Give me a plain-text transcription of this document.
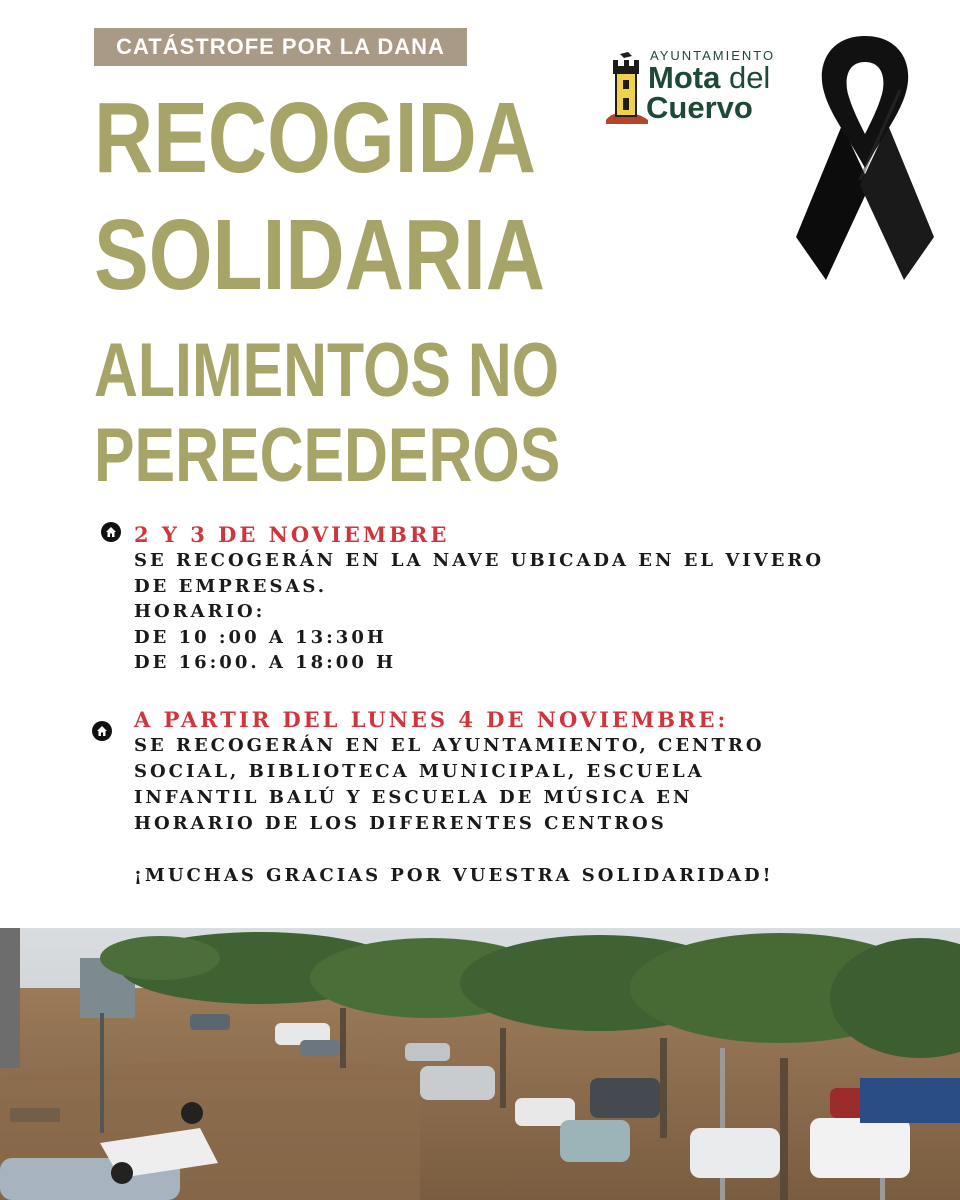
CATÁSTROFE POR LA DANA
RECOGIDA
SOLIDARIA
ALIMENTOS NO
PERECEDEROS
AYUNTAMIENTO
Mota del
Cuervo
2 Y 3 DE NOVIEMBRE
SE RECOGERÁN EN LA NAVE UBICADA EN EL VIVERO
DE EMPRESAS.
HORARIO:
DE 10 :00 A 13:30H
DE 16:00. A 18:00 H
A PARTIR DEL LUNES 4 DE NOVIEMBRE:
SE RECOGERÁN EN EL AYUNTAMIENTO, CENTRO
SOCIAL, BIBLIOTECA MUNICIPAL, ESCUELA
INFANTIL BALÚ Y ESCUELA DE MÚSICA EN
HORARIO DE LOS DIFERENTES CENTROS
¡MUCHAS GRACIAS POR VUESTRA SOLIDARIDAD!
